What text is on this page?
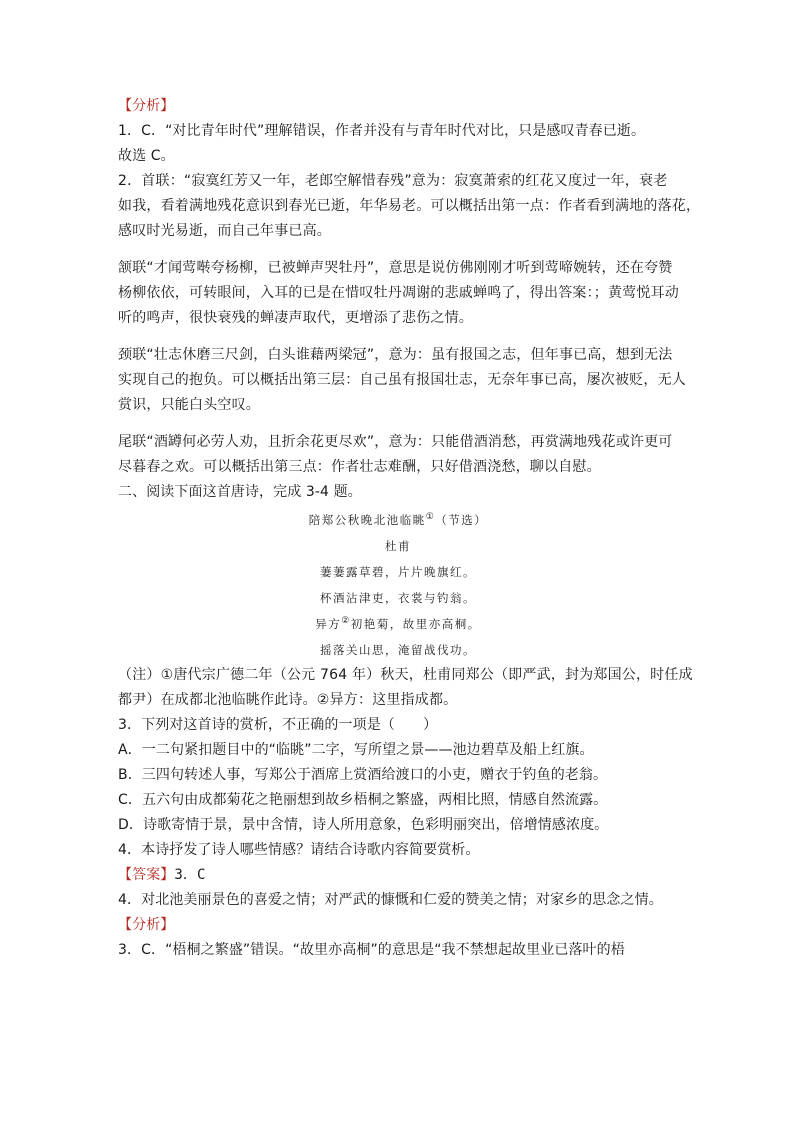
【分析】
1．C．“对比青年时代”理解错误，作者并没有与青年时代对比，只是感叹青春已逝。
故选 C。
2．首联：“寂寞红芳又一年，老郎空解惜春残”意为：寂寞萧索的红花又度过一年，衰老
如我，看着满地残花意识到春光已逝，年华易老。可以概括出第一点：作者看到满地的落花，
感叹时光易逝，而自己年事已高。
颔联“才闻莺啭夸杨柳，已被蝉声哭牡丹”，意思是说仿佛刚刚才听到莺啼婉转，还在夸赞
杨柳依依，可转眼间，入耳的已是在惜叹牡丹凋谢的悲戚蝉鸣了，得出答案：；黄莺悦耳动
听的鸣声，很快衰残的蝉凄声取代，更增添了悲伤之情。
颈联“壮志休磨三尺剑，白头谁藉两梁冠”，意为：虽有报国之志，但年事已高，想到无法
实现自己的抱负。可以概括出第三层：自己虽有报国壮志，无奈年事已高，屡次被贬，无人
赏识，只能白头空叹。
尾联“酒罇何必劳人劝，且折余花更尽欢”，意为：只能借酒消愁，再赏满地残花或许更可
尽暮春之欢。可以概括出第三点：作者壮志难酬，只好借酒浇愁，聊以自慰。
二、阅读下面这首唐诗，完成 3-4 题。
陪郑公秋晚北池临眺①（节选）
杜甫
萋萋露草碧，片片晚旗红。
杯酒沾津吏，衣裳与钓翁。
异方②初艳菊，故里亦高桐。
摇落关山思，淹留战伐功。
（注）①唐代宗广德二年（公元 764 年）秋天，杜甫同郑公（即严武，封为郑国公，时任成
都尹）在成都北池临眺作此诗。②异方：这里指成都。
3．下列对这首诗的赏析，不正确的一项是（　　）
A．一二句紧扣题目中的“临眺”二字，写所望之景——池边碧草及船上红旗。
B．三四句转述人事，写郑公于酒席上赏酒给渡口的小吏，赠衣于钓鱼的老翁。
C．五六句由成都菊花之艳丽想到故乡梧桐之繁盛，两相比照，情感自然流露。
D．诗歌寄情于景，景中含情，诗人所用意象，色彩明丽突出，倍增情感浓度。
4．本诗抒发了诗人哪些情感？请结合诗歌内容简要赏析。
【答案】3．C
4．对北池美丽景色的喜爱之情；对严武的慷慨和仁爱的赞美之情；对家乡的思念之情。
【分析】
3．C．“梧桐之繁盛”错误。“故里亦高桐”的意思是“我不禁想起故里业已落叶的梧
